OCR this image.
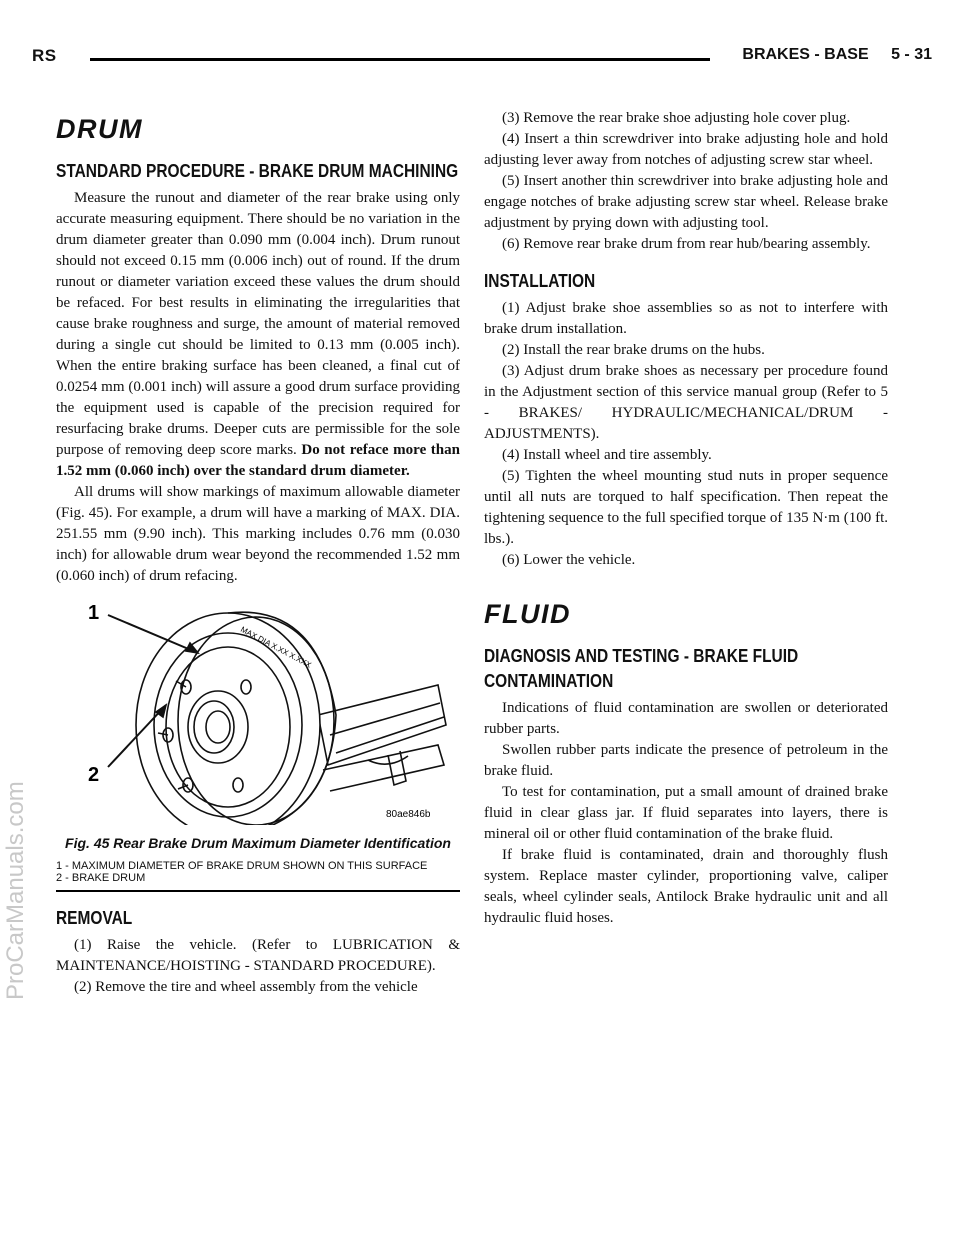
RS	BRAKES - BASE 5 - 31
ProCarManuals.com
DRUM
STANDARD PROCEDURE - BRAKE DRUM MACHINING

Measure the runout and diameter of the rear brake using only accurate measuring equipment. There should be no variation in the drum diameter greater than 0.090 mm (0.004 inch). Drum runout should not exceed 0.15 mm (0.006 inch) out of round. If the drum runout or diameter variation exceed these values the drum should be refaced. For best results in eliminating the irregularities that cause brake roughness and surge, the amount of material removed during a single cut should be limited to 0.13 mm (0.005 inch). When the entire braking surface has been cleaned, a final cut of 0.0254 mm (0.001 inch) will assure a good drum surface providing the equipment used is capable of the precision required for resurfacing brake drums. Deeper cuts are permissible for the sole purpose of removing deep score marks. Do not reface more than 1.52 mm (0.060 inch) over the standard drum diameter.

All drums will show markings of maximum allowable diameter (Fig. 45). For example, a drum will have a marking of MAX. DIA. 251.55 mm (9.90 inch). This marking includes 0.76 mm (0.030 inch) for allowable drum wear beyond the recommended 1.52 mm (0.060 inch) of drum refacing.

1
2
MAX DIA X.XX X.XXX
80ae846b
Fig. 45 Rear Brake Drum Maximum Diameter Identification
1 - MAXIMUM DIAMETER OF BRAKE DRUM SHOWN ON THIS SURFACE
2 - BRAKE DRUM
REMOVAL

(1) Raise the vehicle. (Refer to LUBRICATION & MAINTENANCE/HOISTING - STANDARD PROCEDURE).

(2) Remove the tire and wheel assembly from the vehicle

(3) Remove the rear brake shoe adjusting hole cover plug.

(4) Insert a thin screwdriver into brake adjusting hole and hold adjusting lever away from notches of adjusting screw star wheel.

(5) Insert another thin screwdriver into brake adjusting hole and engage notches of brake adjusting screw star wheel. Release brake adjustment by prying down with adjusting tool.

(6) Remove rear brake drum from rear hub/bearing assembly.

INSTALLATION

(1) Adjust brake shoe assemblies so as not to interfere with brake drum installation.

(2) Install the rear brake drums on the hubs.

(3) Adjust drum brake shoes as necessary per procedure found in the Adjustment section of this service manual group (Refer to 5 - BRAKES/ HYDRAULIC/MECHANICAL/DRUM - ADJUSTMENTS).

(4) Install wheel and tire assembly.

(5) Tighten the wheel mounting stud nuts in proper sequence until all nuts are torqued to half specification. Then repeat the tightening sequence to the full specified torque of 135 N·m (100 ft. lbs.).

(6) Lower the vehicle.

FLUID
DIAGNOSIS AND TESTING - BRAKE FLUID CONTAMINATION

Indications of fluid contamination are swollen or deteriorated rubber parts.

Swollen rubber parts indicate the presence of petroleum in the brake fluid.

To test for contamination, put a small amount of drained brake fluid in clear glass jar. If fluid separates into layers, there is mineral oil or other fluid contamination of the brake fluid.

If brake fluid is contaminated, drain and thoroughly flush system. Replace master cylinder, proportioning valve, caliper seals, wheel cylinder seals, Antilock Brake hydraulic unit and all hydraulic fluid hoses.
